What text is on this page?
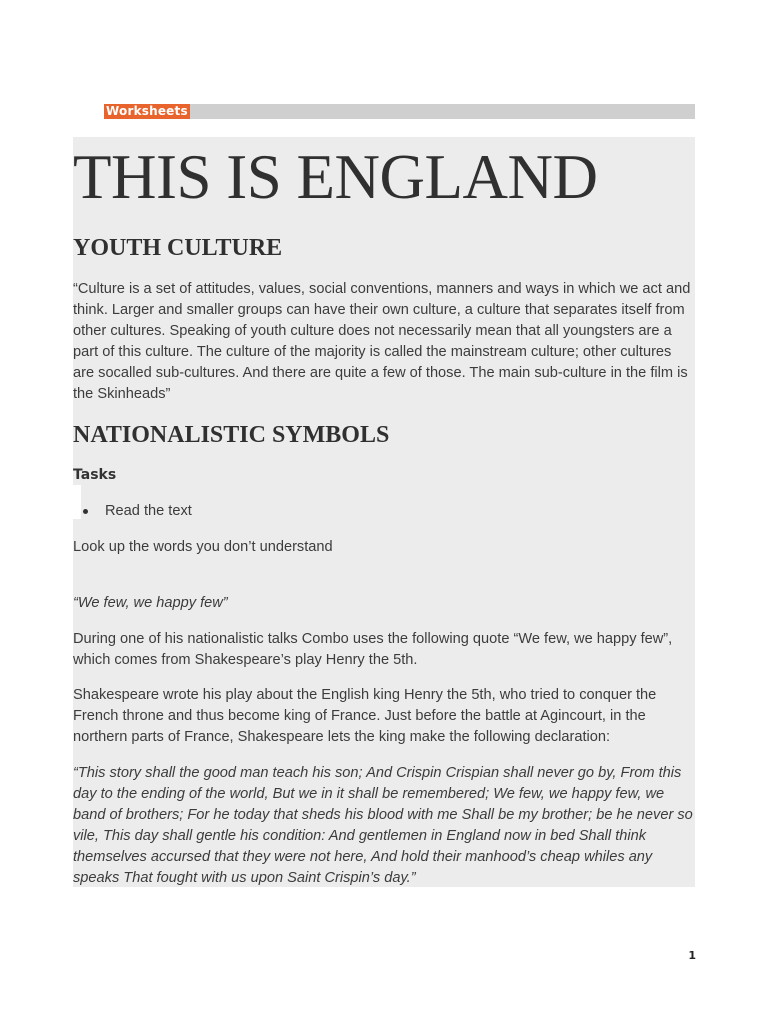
Worksheets
THIS IS ENGLAND
YOUTH CULTURE

“Culture is a set of attitudes, values, social conventions, manners and ways in which we act and think. Larger and smaller groups can have their own culture, a culture that separates itself from other cultures. Speaking of youth culture does not necessarily mean that all youngsters are a part of this culture. The culture of the majority is called the mainstream culture; other cultures are socalled sub-cultures. And there are quite a few of those. The main sub-culture in the film is the Skinheads”

NATIONALISTIC SYMBOLS

Tasks

Read the text

Look up the words you don’t understand

“We few, we happy few”

During one of his nationalistic talks Combo uses the following quote “We few, we happy few”, which comes from Shakespeare’s play Henry the 5th.

Shakespeare wrote his play about the English king Henry the 5th, who tried to conquer the French throne and thus become king of France. Just before the battle at Agincourt, in the northern parts of France, Shakespeare lets the king make the following declaration:

“This story shall the good man teach his son; And Crispin Crispian shall never go by, From this day to the ending of the world, But we in it shall be remembered; We few, we happy few, we band of brothers; For he today that sheds his blood with me Shall be my brother; be he never so vile, This day shall gentle his condition: And gentlemen in England now in bed Shall think themselves accursed that they were not here, And hold their manhood’s cheap whiles any speaks That fought with us upon Saint Crispin’s day.”

1
